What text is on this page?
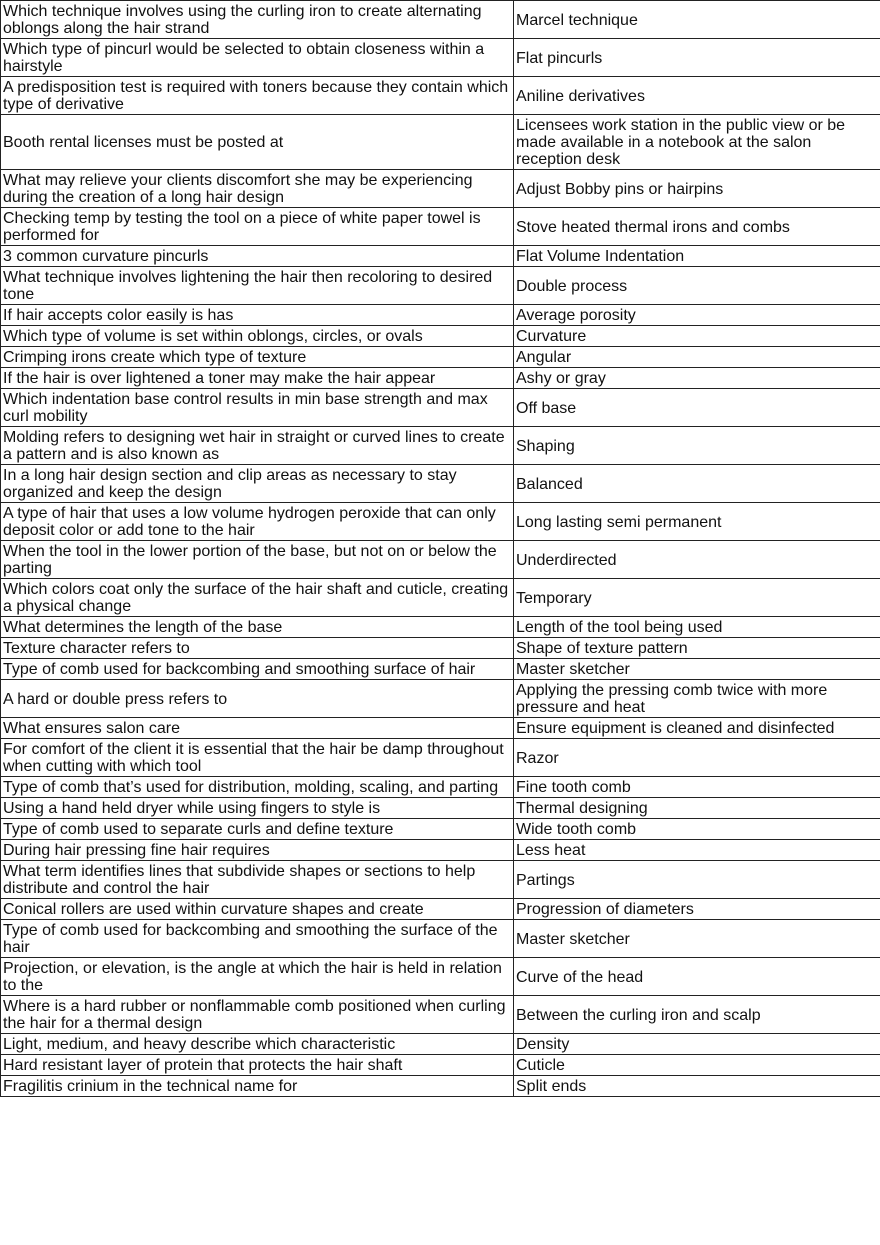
Which technique involves using the curling iron to create alternating oblongs along the hair strand	Marcel technique
Which type of pincurl would be selected to obtain closeness within a hairstyle	Flat pincurls
A predisposition test is required with toners because they contain which type of derivative	Aniline derivatives
Booth rental licenses must be posted at	Licensees work station in the public view or be made available in a notebook at the salon reception desk
What may relieve your clients discomfort she may be experiencing during the creation of a long hair design	Adjust Bobby pins or hairpins
Checking temp by testing the tool on a piece of white paper towel is performed for	Stove heated thermal irons and combs
3 common curvature pincurls	Flat Volume Indentation
What technique involves lightening the hair then recoloring to desired tone	Double process
If hair accepts color easily is has	Average porosity
Which type of volume is set within oblongs, circles, or ovals	Curvature
Crimping irons create which type of texture	Angular
If the hair is over lightened a toner may make the hair appear	Ashy or gray
Which indentation base control results in min base strength and max curl mobility	Off base
Molding refers to designing wet hair in straight or curved lines to create a pattern and is also known as	Shaping
In a long hair design section and clip areas as necessary to stay organized and keep the design	Balanced
A type of hair that uses a low volume hydrogen peroxide that can only deposit color or add tone to the hair	Long lasting semi permanent
When the tool in the lower portion of the base, but not on or below the parting	Underdirected
Which colors coat only the surface of the hair shaft and cuticle, creating a physical change	Temporary
What determines the length of the base	Length of the tool being used
Texture character refers to	Shape of texture pattern
Type of comb used for backcombing and smoothing surface of hair	Master sketcher
A hard or double press refers to	Applying the pressing comb twice with more pressure and heat
What ensures salon care	Ensure equipment is cleaned and disinfected
For comfort of the client it is essential that the hair be damp throughout when cutting with which tool	Razor
Type of comb that’s used for distribution, molding, scaling, and parting	Fine tooth comb
Using a hand held dryer while using fingers to style is	Thermal designing
Type of comb used to separate curls and define texture	Wide tooth comb
During hair pressing fine hair requires	Less heat
What term identifies lines that subdivide shapes or sections to help distribute and control the hair	Partings
Conical rollers are used within curvature shapes and create	Progression of diameters
Type of comb used for backcombing and smoothing the surface of the hair	Master sketcher
Projection, or elevation, is the angle at which the hair is held in relation to the	Curve of the head
Where is a hard rubber or nonflammable comb positioned when curling the hair for a thermal design	Between the curling iron and scalp
Light, medium, and heavy describe which characteristic	Density
Hard resistant layer of protein that protects the hair shaft	Cuticle
Fragilitis crinium in the technical name for	Split ends
